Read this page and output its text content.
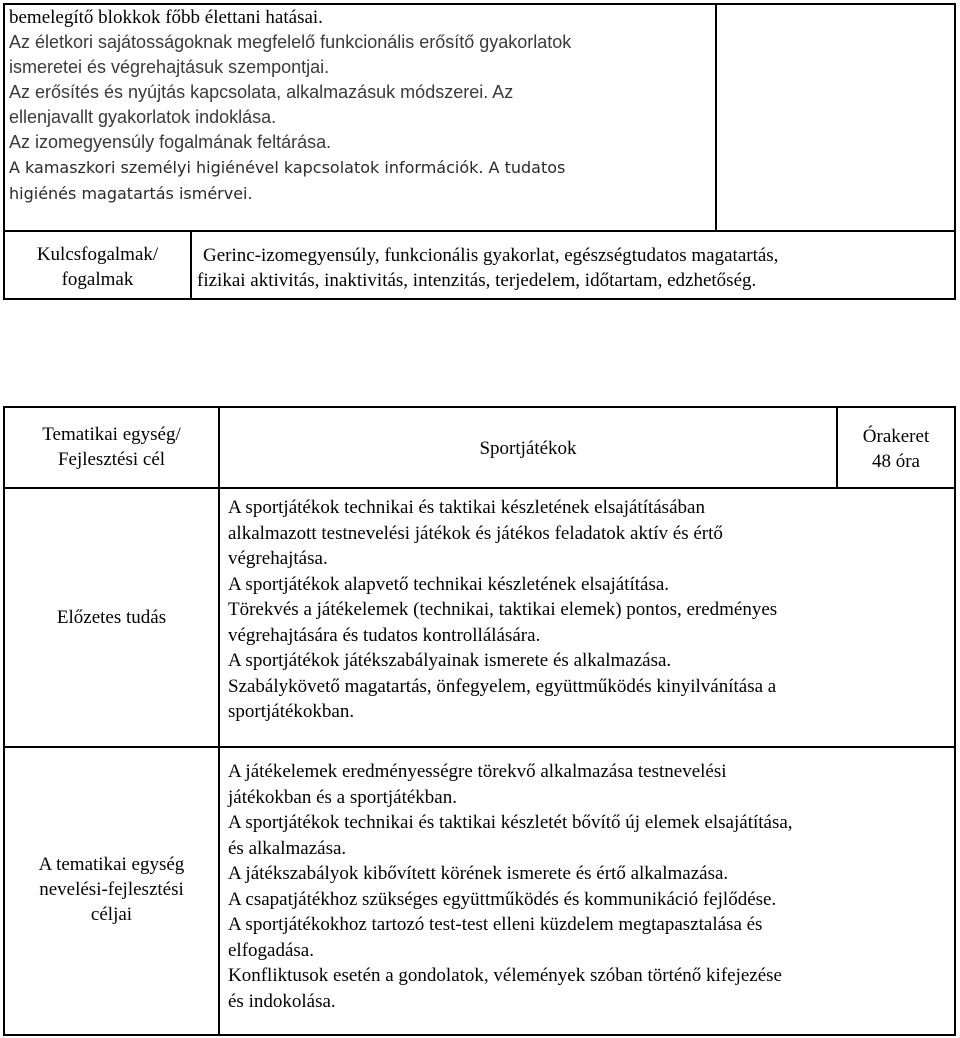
bemelegítő blokkok főbb élettani hatásai.
Az életkori sajátosságoknak megfelelő funkcionális erősítő gyakorlatok
ismeretei és végrehajtásuk szempontjai.
Az erősítés és nyújtás kapcsolata, alkalmazásuk módszerei. Az
ellenjavallt gyakorlatok indoklása.
Az izomegyensúly fogalmának feltárása.
A kamaszkori személyi higiénével kapcsolatok információk. A tudatos
higiénés magatartás ismérvei.
Kulcsfogalmak/
fogalmak
Gerinc-izomegyensúly, funkcionális gyakorlat, egészségtudatos magatartás,
fizikai aktivitás, inaktivitás, intenzitás, terjedelem, időtartam, edzhetőség.
Tematikai egység/
Fejlesztési cél
Sportjátékok
Órakeret
48 óra
Előzetes tudás
A sportjátékok technikai és taktikai készletének elsajátításában
alkalmazott testnevelési játékok és játékos feladatok aktív és értő
végrehajtása.
A sportjátékok alapvető technikai készletének elsajátítása.
Törekvés a játékelemek (technikai, taktikai elemek) pontos, eredményes
végrehajtására és tudatos kontrollálására.
A sportjátékok játékszabályainak ismerete és alkalmazása.
Szabálykövető magatartás, önfegyelem, együttműködés kinyilvánítása a
sportjátékokban.
A tematikai egység
nevelési-fejlesztési
céljai
A játékelemek eredményességre törekvő alkalmazása testnevelési
játékokban és a sportjátékban.
A sportjátékok technikai és taktikai készletét bővítő új elemek elsajátítása,
és alkalmazása.
A játékszabályok kibővített körének ismerete és értő alkalmazása.
A csapatjátékhoz szükséges együttműködés és kommunikáció fejlődése.
A sportjátékokhoz tartozó test-test elleni küzdelem megtapasztalása és
elfogadása.
Konfliktusok esetén a gondolatok, vélemények szóban történő kifejezése
és indokolása.
